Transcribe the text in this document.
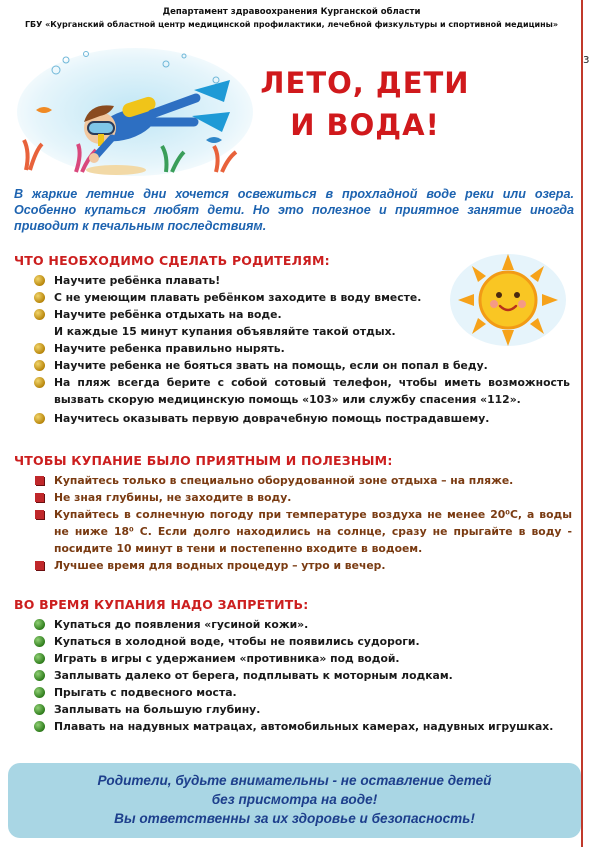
Департамент здравоохранения Курганской области
ГБУ «Курганский областной центр медицинской профилактики, лечебной физкультуры и спортивной медицины»
ЛЕТО, ДЕТИ
И ВОДА!
В жаркие летние дни хочется освежиться в прохладной воде реки или озера. Особенно купаться любят дети. Но это полезное и приятное занятие иногда приводит к печальным последствиям.
ЧТО НЕОБХОДИМО СДЕЛАТЬ РОДИТЕЛЯМ:
Научите ребёнка плавать!
С не умеющим плавать ребёнком заходите в воду вместе.
Научите ребёнка отдыхать на воде.
И каждые 15 минут купания объявляйте такой отдых.
Научите ребенка правильно нырять.
Научите ребенка не бояться звать на помощь, если он попал в беду.
На пляж всегда берите с собой сотовый телефон, чтобы иметь возможность вызвать скорую медицинскую помощь «103» или службу спасения «112».
Научитесь оказывать первую доврачебную помощь пострадавшему.
ЧТОБЫ КУПАНИЕ БЫЛО ПРИЯТНЫМ И ПОЛЕЗНЫМ:
Купайтесь только в специально оборудованной зоне отдыха – на пляже.
Не зная глубины, не заходите в воду.
Купайтесь в солнечную погоду при температуре воздуха не менее 20⁰С, а воды не ниже 18⁰ С. Если долго находились на солнце, сразу не прыгайте в воду - посидите 10 минут в тени и постепенно входите в водоем.
Лучшее время для водных процедур – утро и вечер.
ВО ВРЕМЯ КУПАНИЯ НАДО ЗАПРЕТИТЬ:
Купаться до появления «гусиной кожи».
Купаться в холодной воде, чтобы не появились судороги.
Играть в игры с удержанием «противника» под водой.
Заплывать далеко от берега, подплывать к моторным лодкам.
Прыгать с подвесного моста.
Заплывать на большую глубину.
Плавать на надувных матрацах, автомобильных камерах, надувных игрушках.
Родители, будьте внимательны - не оставление детей
без присмотра на воде!
Вы ответственны за их здоровье и безопасность!
з
